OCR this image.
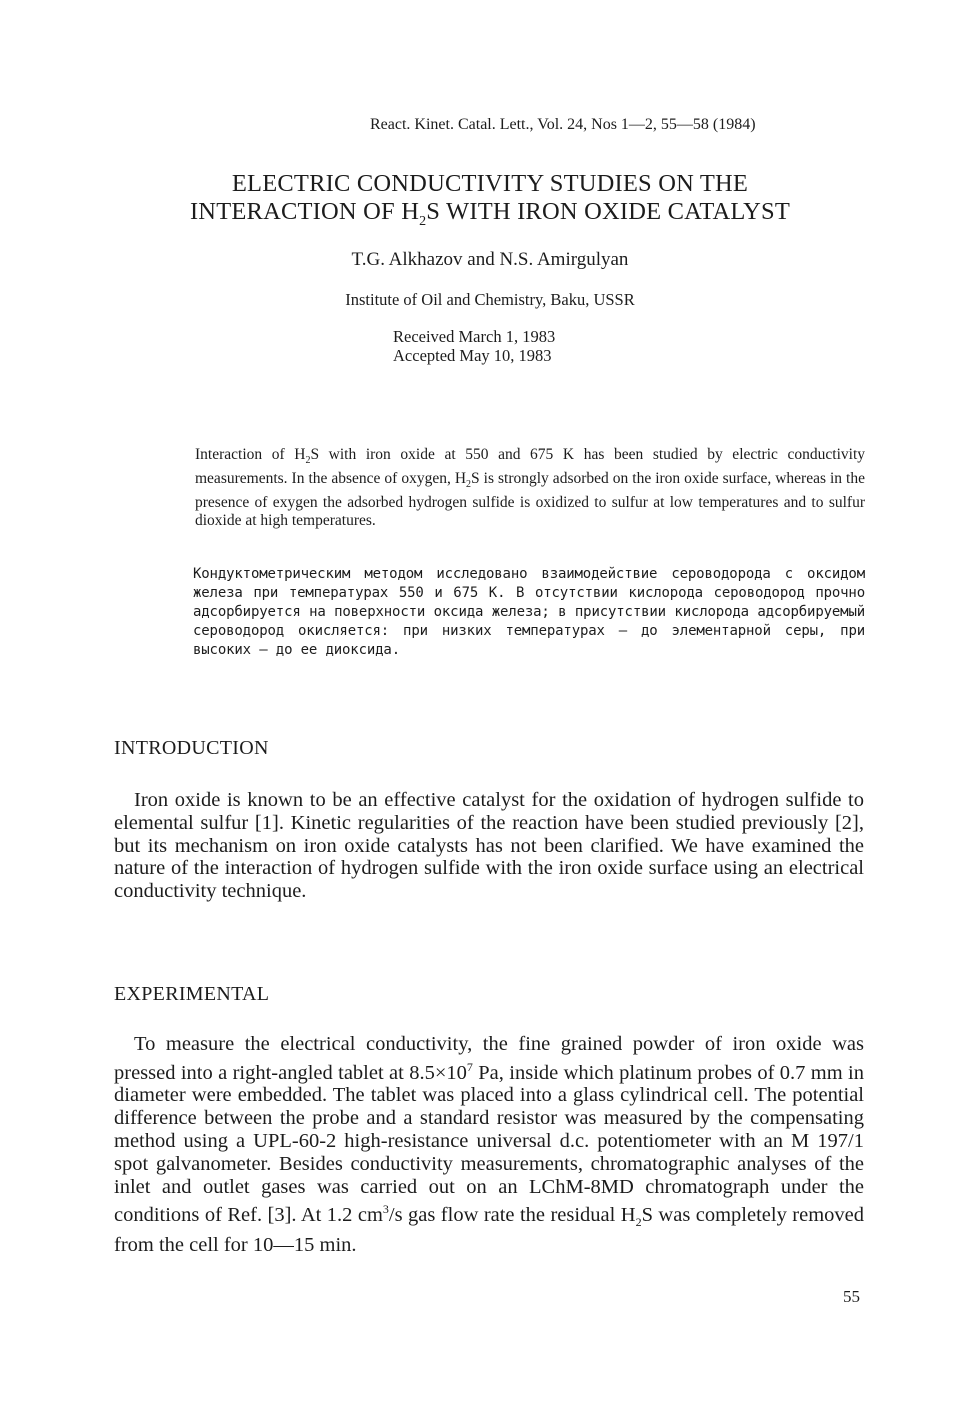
React. Kinet. Catal. Lett., Vol. 24, Nos 1—2, 55—58 (1984)
ELECTRIC CONDUCTIVITY STUDIES ON THE
INTERACTION OF $H_2S$ WITH IRON OXIDE CATALYST
T.G. Alkhazov and N.S. Amirgulyan
Institute of Oil and Chemistry, Baku, USSR
Received March 1, 1983
Accepted May 10, 1983
Interaction of $H_2S$ with iron oxide at 550 and 675 K has been studied by electric conductivity measurements. In the absence of oxygen, $H_2S$ is strongly adsorbed on the iron oxide surface, whereas in the presence of exygen the adsorbed hydrogen sulfide is oxidized to sulfur at low temperatures and to sulfur dioxide at high temperatures.
Кондуктометрическим методом исследовано взаимодействие сероводорода с оксидом железа при температурах 550 и 675 К. В отсутствии кислорода сероводород прочно адсорбируется на поверхности оксида железа; в присутствии кислорода адсорбируемый сероводород окисляется: при низких температурах — до элементарной серы, при высоких — до ее диоксида.
INTRODUCTION
Iron oxide is known to be an effective catalyst for the oxidation of hydrogen sulfide to elemental sulfur [1]. Kinetic regularities of the reaction have been studied previously [2], but its mechanism on iron oxide catalysts has not been clarified. We have examined the nature of the interaction of hydrogen sulfide with the iron oxide surface using an electrical conductivity technique.
EXPERIMENTAL
To measure the electrical conductivity, the fine grained powder of iron oxide was pressed into a right-angled tablet at $8.5\times 10^7$ Pa, inside which platinum probes of 0.7 mm in diameter were embedded. The tablet was placed into a glass cylindrical cell. The potential difference between the probe and a standard resistor was measured by the compensating method using a UPL-60-2 high-resistance universal d.c. potentiometer with an M 197/1 spot galvanometer. Besides conductivity measurements, chromatographic analyses of the inlet and outlet gases was carried out on an LChM-8MD chromatograph under the conditions of Ref. [3]. At 1.2 $cm^3/s$ gas flow rate the residual $H_2S$ was completely removed from the cell for 10—15 min.
55
